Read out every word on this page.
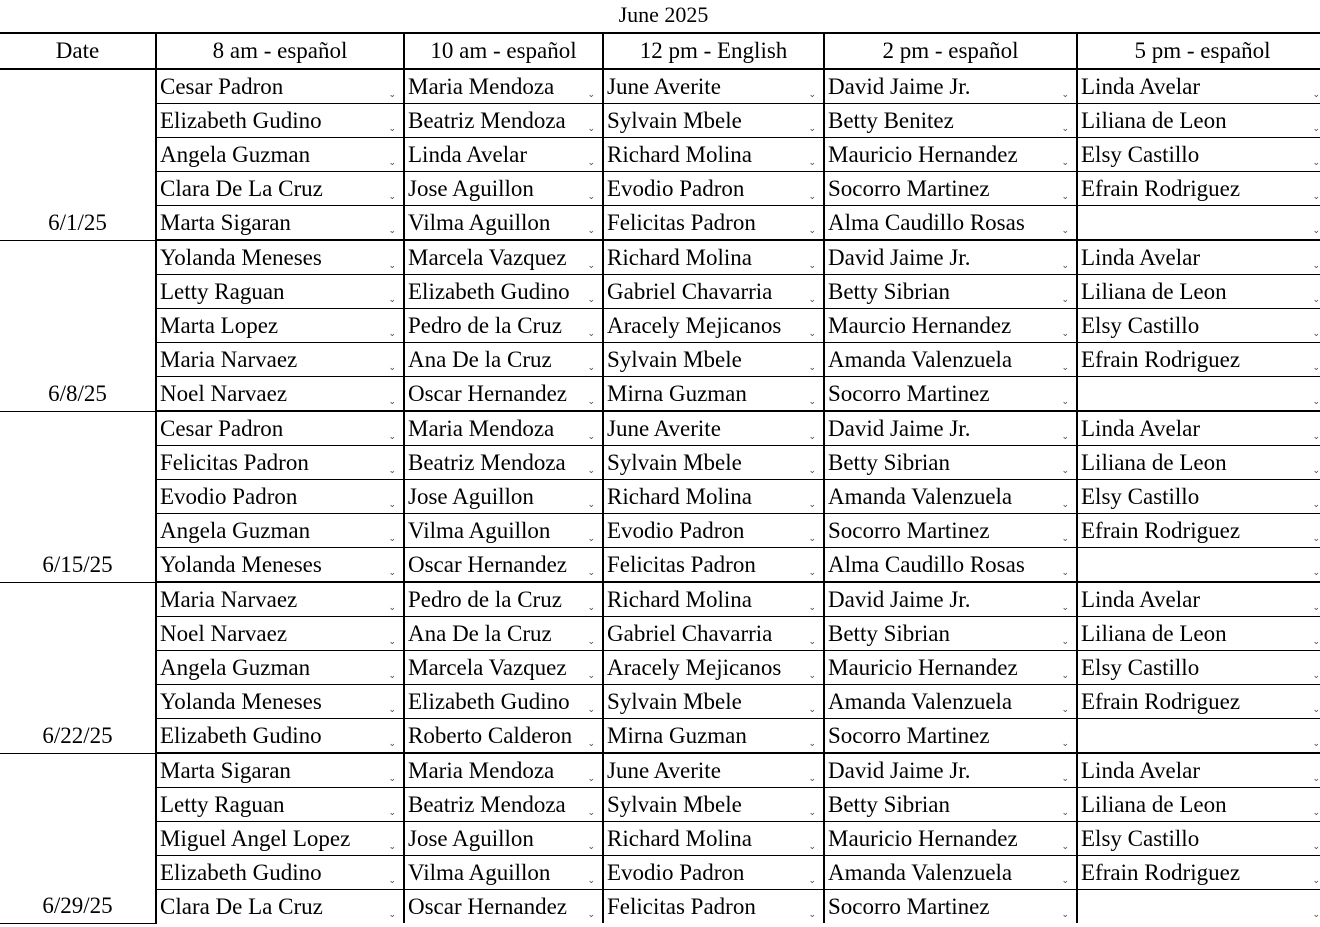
June 2025
Date	8 am - español	10 am - español	12 pm - English	2 pm - español	5 pm - español
6/1/25	Cesar Padron ⌄	Maria Mendoza ⌄	June Averite ⌄	David Jaime Jr. ⌄	Linda Avelar ⌄

	Elizabeth Gudino ⌄	Beatriz Mendoza ⌄	Sylvain Mbele ⌄	Betty Benitez ⌄	Liliana de Leon ⌄

	Angela Guzman ⌄	Linda Avelar ⌄	Richard Molina ⌄	Mauricio Hernandez ⌄	Elsy Castillo ⌄

	Clara De La Cruz ⌄	Jose Aguillon ⌄	Evodio Padron ⌄	Socorro Martinez ⌄	Efrain Rodriguez ⌄

	Marta Sigaran ⌄	Vilma Aguillon ⌄	Felicitas Padron ⌄	Alma Caudillo Rosas ⌄	⌄

6/8/25	Yolanda Meneses ⌄	Marcela Vazquez ⌄	Richard Molina ⌄	David Jaime Jr. ⌄	Linda Avelar ⌄

	Letty Raguan ⌄	Elizabeth Gudino ⌄	Gabriel Chavarria ⌄	Betty Sibrian ⌄	Liliana de Leon ⌄

	Marta Lopez ⌄	Pedro de la Cruz ⌄	Aracely Mejicanos ⌄	Maurcio Hernandez ⌄	Elsy Castillo ⌄

	Maria Narvaez ⌄	Ana De la Cruz ⌄	Sylvain Mbele ⌄	Amanda Valenzuela ⌄	Efrain Rodriguez ⌄

	Noel Narvaez ⌄	Oscar Hernandez ⌄	Mirna Guzman ⌄	Socorro Martinez ⌄	⌄

6/15/25	Cesar Padron ⌄	Maria Mendoza ⌄	June Averite ⌄	David Jaime Jr. ⌄	Linda Avelar ⌄

	Felicitas Padron ⌄	Beatriz Mendoza ⌄	Sylvain Mbele ⌄	Betty Sibrian ⌄	Liliana de Leon ⌄

	Evodio Padron ⌄	Jose Aguillon ⌄	Richard Molina ⌄	Amanda Valenzuela ⌄	Elsy Castillo ⌄

	Angela Guzman ⌄	Vilma Aguillon ⌄	Evodio Padron ⌄	Socorro Martinez ⌄	Efrain Rodriguez ⌄

	Yolanda Meneses ⌄	Oscar Hernandez ⌄	Felicitas Padron ⌄	Alma Caudillo Rosas ⌄	⌄

6/22/25	Maria Narvaez ⌄	Pedro de la Cruz ⌄	Richard Molina ⌄	David Jaime Jr. ⌄	Linda Avelar ⌄

	Noel Narvaez ⌄	Ana De la Cruz ⌄	Gabriel Chavarria ⌄	Betty Sibrian ⌄	Liliana de Leon ⌄

	Angela Guzman ⌄	Marcela Vazquez ⌄	Aracely Mejicanos ⌄	Mauricio Hernandez ⌄	Elsy Castillo ⌄

	Yolanda Meneses ⌄	Elizabeth Gudino ⌄	Sylvain Mbele ⌄	Amanda Valenzuela ⌄	Efrain Rodriguez ⌄

	Elizabeth Gudino ⌄	Roberto Calderon ⌄	Mirna Guzman ⌄	Socorro Martinez ⌄	⌄

6/29/25	Marta Sigaran ⌄	Maria Mendoza ⌄	June Averite ⌄	David Jaime Jr. ⌄	Linda Avelar ⌄

	Letty Raguan ⌄	Beatriz Mendoza ⌄	Sylvain Mbele ⌄	Betty Sibrian ⌄	Liliana de Leon ⌄

	Miguel Angel Lopez ⌄	Jose Aguillon ⌄	Richard Molina ⌄	Mauricio Hernandez ⌄	Elsy Castillo ⌄

	Elizabeth Gudino ⌄	Vilma Aguillon ⌄	Evodio Padron ⌄	Amanda Valenzuela ⌄	Efrain Rodriguez ⌄

	Clara De La Cruz ⌄	Oscar Hernandez ⌄	Felicitas Padron ⌄	Socorro Martinez ⌄	⌄
